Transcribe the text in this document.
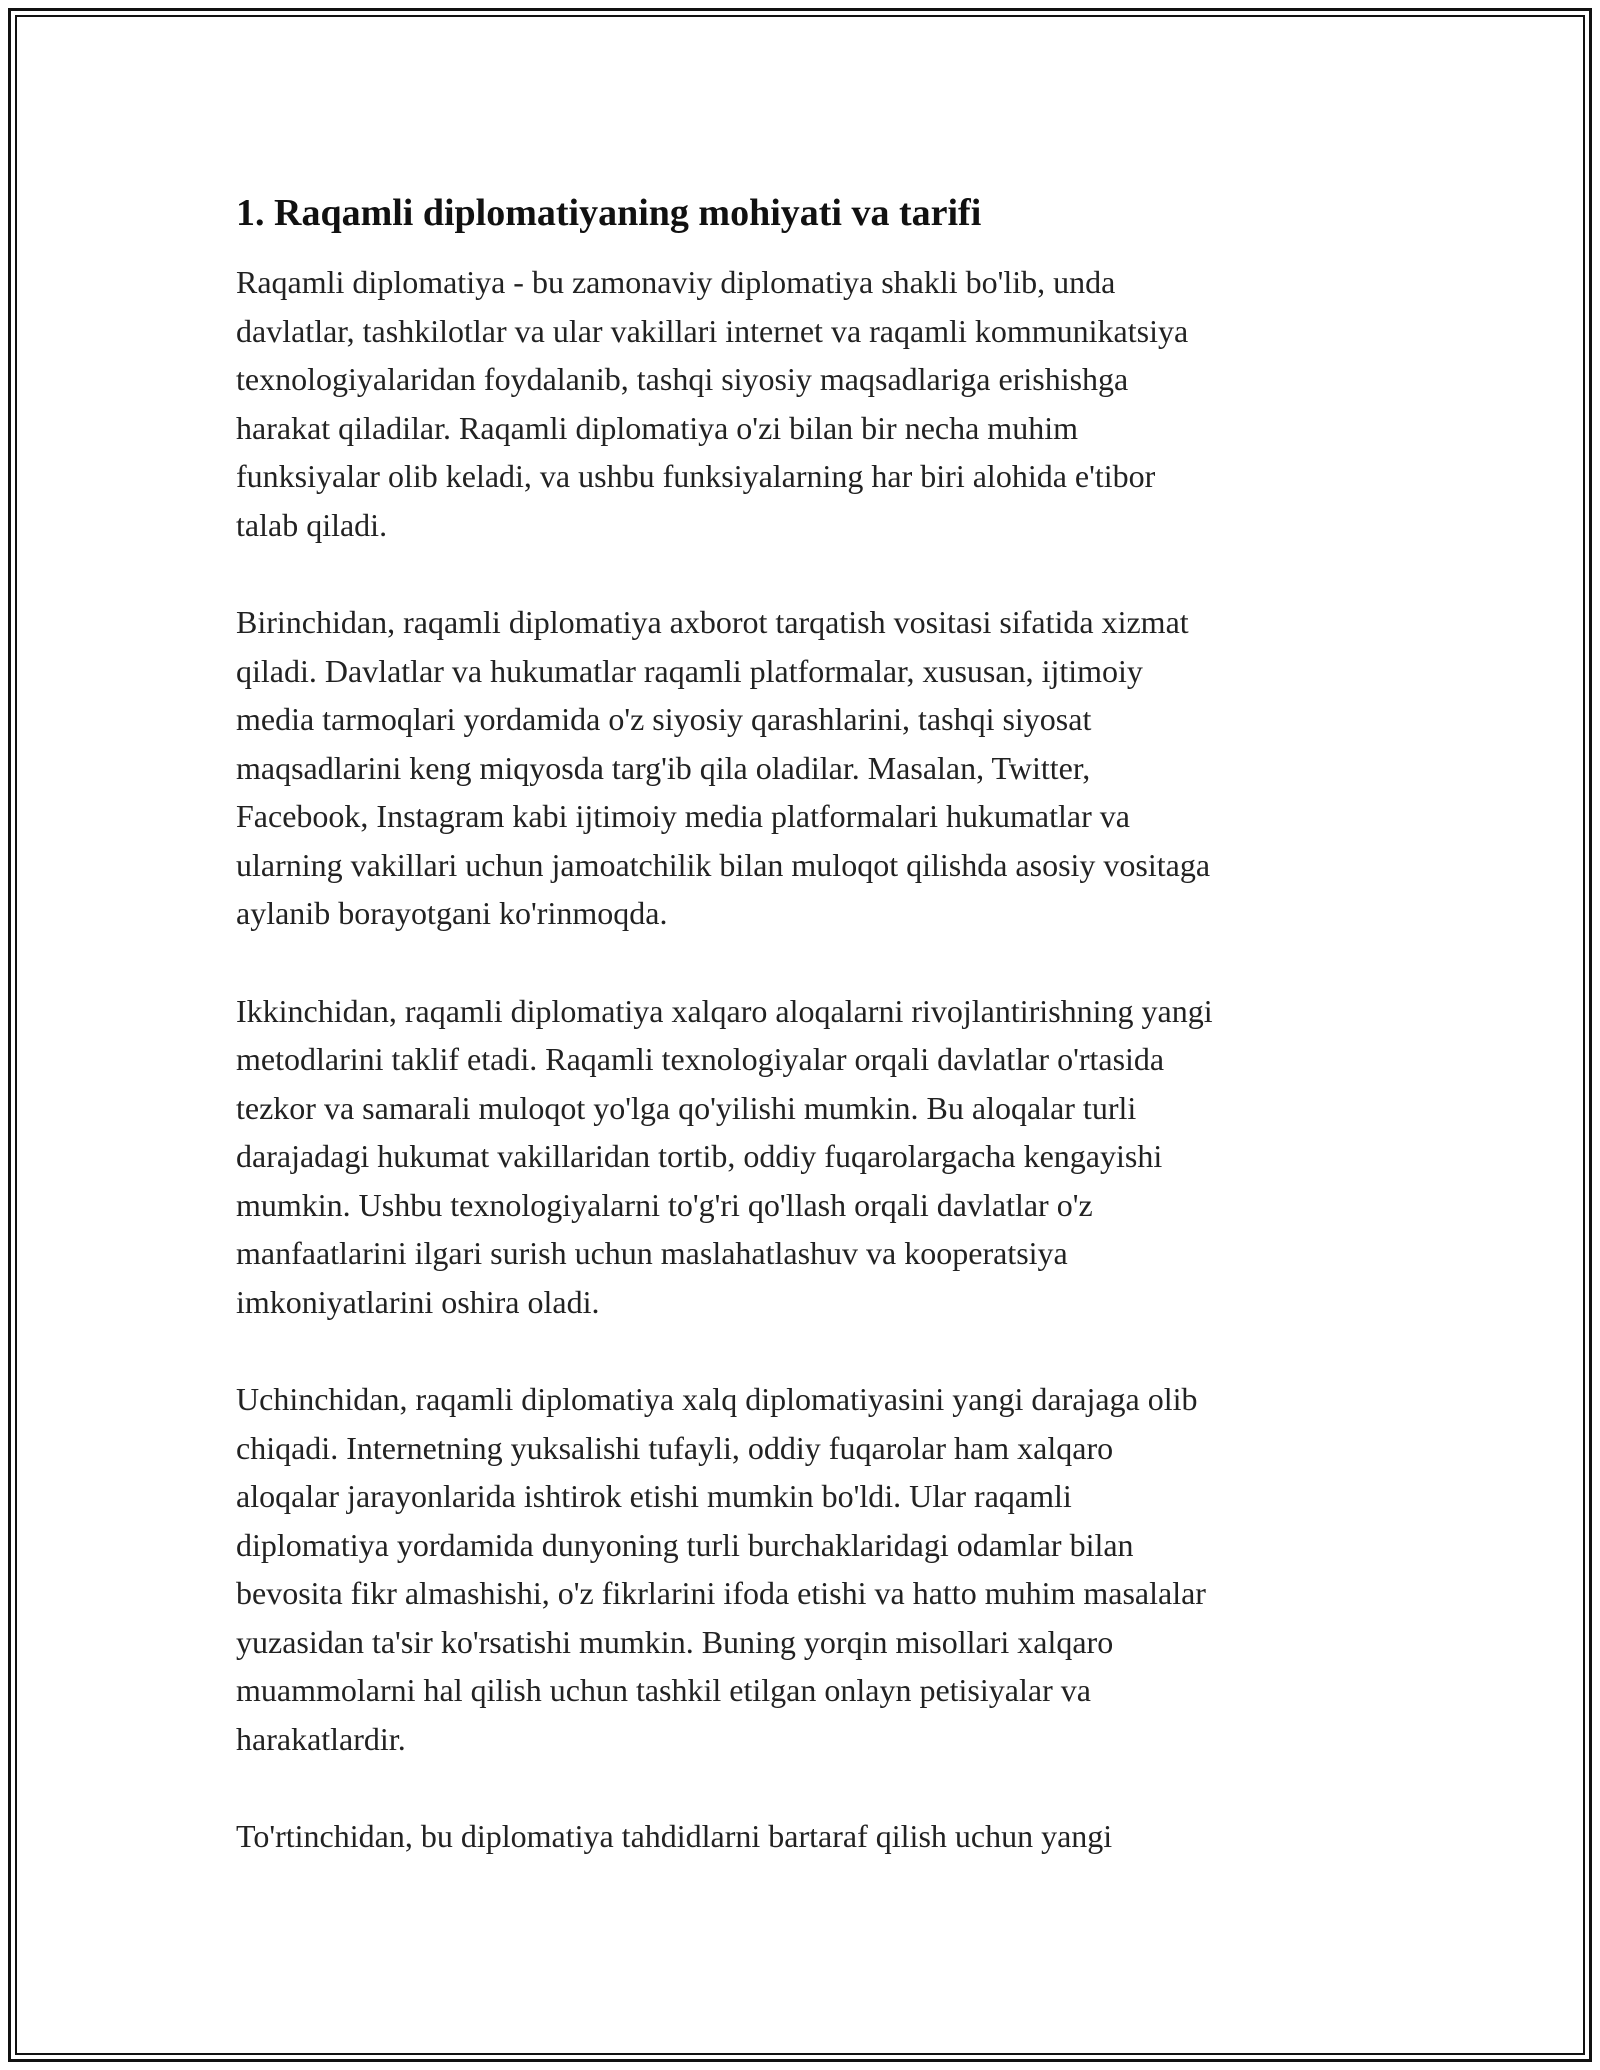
1. Raqamli diplomatiyaning mohiyati va tarifi

Raqamli diplomatiya - bu zamonaviy diplomatiya shakli bo'lib, unda
davlatlar, tashkilotlar va ular vakillari internet va raqamli kommunikatsiya
texnologiyalaridan foydalanib, tashqi siyosiy maqsadlariga erishishga
harakat qiladilar. Raqamli diplomatiya o'zi bilan bir necha muhim
funksiyalar olib keladi, va ushbu funksiyalarning har biri alohida e'tibor
talab qiladi.

Birinchidan, raqamli diplomatiya axborot tarqatish vositasi sifatida xizmat
qiladi. Davlatlar va hukumatlar raqamli platformalar, xususan, ijtimoiy
media tarmoqlari yordamida o'z siyosiy qarashlarini, tashqi siyosat
maqsadlarini keng miqyosda targ'ib qila oladilar. Masalan, Twitter,
Facebook, Instagram kabi ijtimoiy media platformalari hukumatlar va
ularning vakillari uchun jamoatchilik bilan muloqot qilishda asosiy vositaga
aylanib borayotgani ko'rinmoqda.

Ikkinchidan, raqamli diplomatiya xalqaro aloqalarni rivojlantirishning yangi
metodlarini taklif etadi. Raqamli texnologiyalar orqali davlatlar o'rtasida
tezkor va samarali muloqot yo'lga qo'yilishi mumkin. Bu aloqalar turli
darajadagi hukumat vakillaridan tortib, oddiy fuqarolargacha kengayishi
mumkin. Ushbu texnologiyalarni to'g'ri qo'llash orqali davlatlar o'z
manfaatlarini ilgari surish uchun maslahatlashuv va kooperatsiya
imkoniyatlarini oshira oladi.

Uchinchidan, raqamli diplomatiya xalq diplomatiyasini yangi darajaga olib
chiqadi. Internetning yuksalishi tufayli, oddiy fuqarolar ham xalqaro
aloqalar jarayonlarida ishtirok etishi mumkin bo'ldi. Ular raqamli
diplomatiya yordamida dunyoning turli burchaklaridagi odamlar bilan
bevosita fikr almashishi, o'z fikrlarini ifoda etishi va hatto muhim masalalar
yuzasidan ta'sir ko'rsatishi mumkin. Buning yorqin misollari xalqaro
muammolarni hal qilish uchun tashkil etilgan onlayn petisiyalar va
harakatlardir.

To'rtinchidan, bu diplomatiya tahdidlarni bartaraf qilish uchun yangi
